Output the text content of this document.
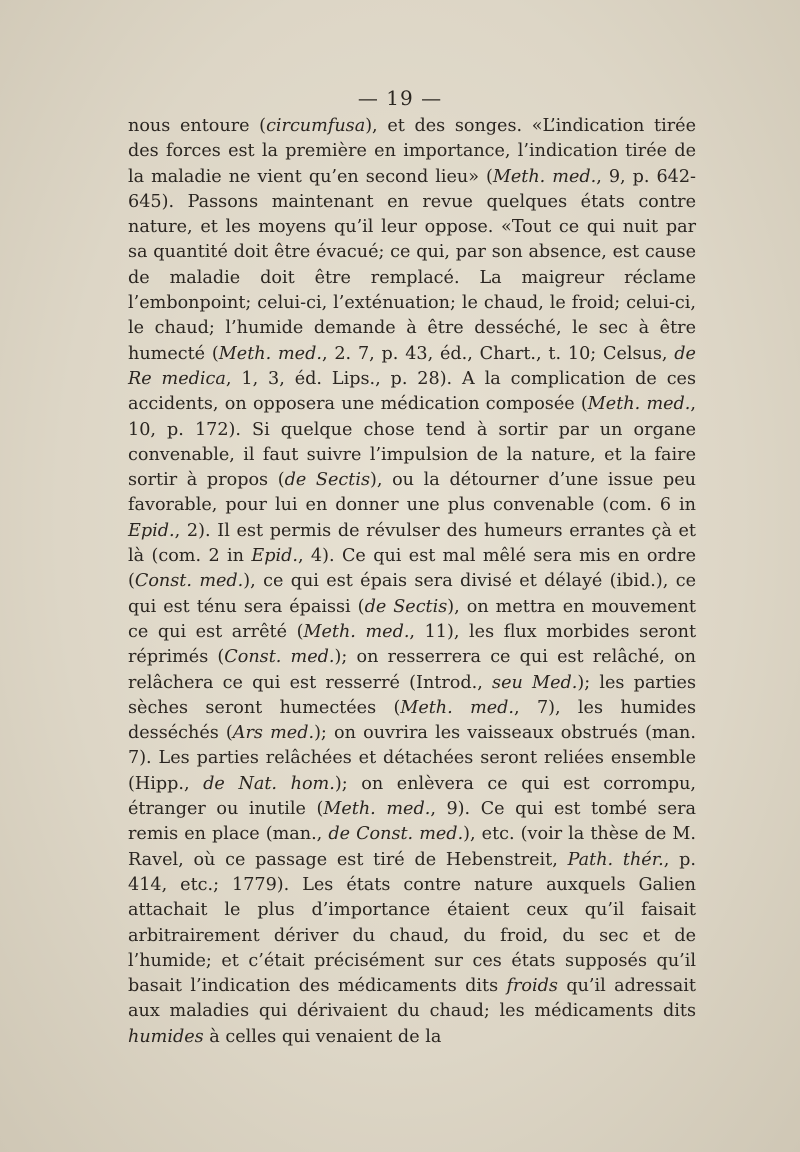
— 19 —

nous entoure (circumfusa), et des songes. «L’indication tirée des forces est la première en importance, l’indication tirée de la maladie ne vient qu’en second lieu» (Meth. med., 9, p. 642-645). Passons maintenant en revue quelques états contre nature, et les moyens qu’il leur oppose. «Tout ce qui nuit par sa quantité doit être évacué; ce qui, par son absence, est cause de maladie doit être remplacé. La maigreur réclame l’embonpoint; celui-ci, l’exténuation; le chaud, le froid; celui-ci, le chaud; l’humide demande à être desséché, le sec à être humecté (Meth. med., 2. 7, p. 43, éd., Chart., t. 10; Celsus, de Re medica, 1, 3, éd. Lips., p. 28). A la complication de ces accidents, on opposera une médication composée (Meth. med., 10, p. 172). Si quelque chose tend à sortir par un organe convenable, il faut suivre l’impulsion de la nature, et la faire sortir à propos (de Sectis), ou la détourner d’une issue peu favorable, pour lui en donner une plus convenable (com. 6 in Epid., 2). Il est permis de révulser des humeurs errantes çà et là (com. 2 in Epid., 4). Ce qui est mal mêlé sera mis en ordre (Const. med.), ce qui est épais sera divisé et délayé (ibid.), ce qui est ténu sera épaissi (de Sectis), on mettra en mouvement ce qui est arrêté (Meth. med., 11), les flux morbides seront réprimés (Const. med.); on resserrera ce qui est relâché, on relâchera ce qui est resserré (Introd., seu Med.); les parties sèches seront humectées (Meth. med., 7), les humides desséchés (Ars med.); on ouvrira les vaisseaux obstrués (man. 7). Les parties relâchées et détachées seront reliées ensemble (Hipp., de Nat. hom.); on enlèvera ce qui est corrompu, étranger ou inutile (Meth. med., 9). Ce qui est tombé sera remis en place (man., de Const. med.), etc. (voir la thèse de M. Ravel, où ce passage est tiré de Hebenstreit, Path. thér., p. 414, etc.; 1779). Les états contre nature auxquels Galien attachait le plus d’importance étaient ceux qu’il faisait arbitrairement dériver du chaud, du froid, du sec et de l’humide; et c’était précisément sur ces états supposés qu’il basait l’indication des médicaments dits froids qu’il adressait aux maladies qui dérivaient du chaud; les médicaments dits humides à celles qui venaient de la
